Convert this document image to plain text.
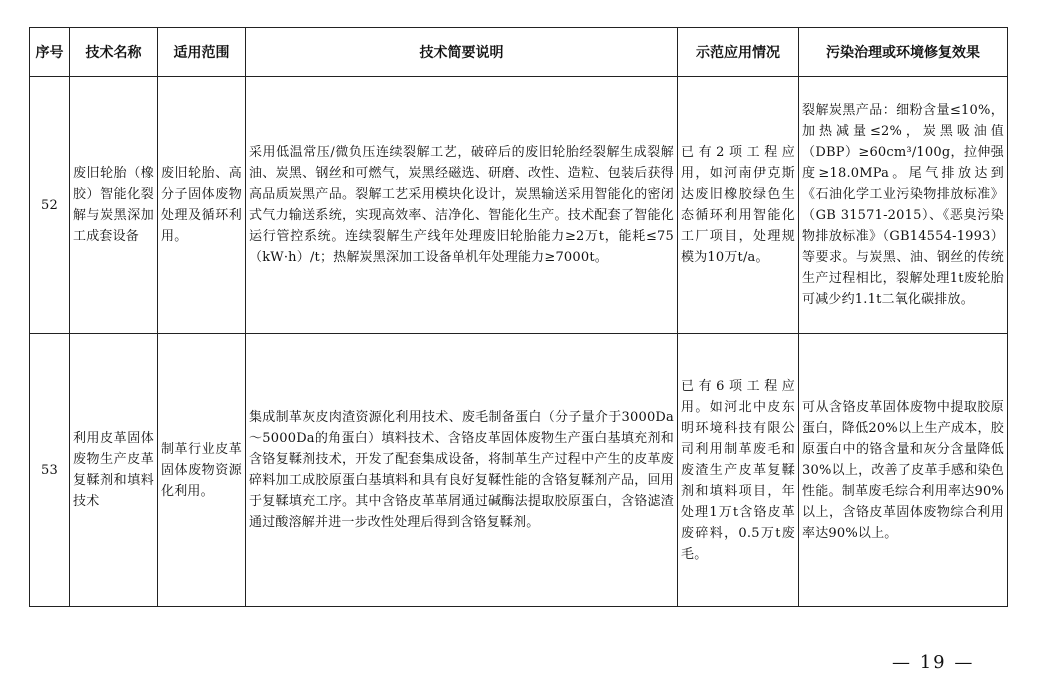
序号	技术名称	适用范围	技术简要说明	示范应用情况	污染治理或环境修复效果
52	废旧轮胎（橡胶）智能化裂解与炭黑深加工成套设备	废旧轮胎、高分子固体废物处理及循环利用。	采用低温常压/微负压连续裂解工艺，破碎后的废旧轮胎经裂解生成裂解油、炭黑、钢丝和可燃气，炭黑经磁选、研磨、改性、造粒、包装后获得高品质炭黑产品。裂解工艺采用模块化设计，炭黑输送采用智能化的密闭式气力输送系统，实现高效率、洁净化、智能化生产。技术配套了智能化运行管控系统。连续裂解生产线年处理废旧轮胎能力≥2万t，能耗≤75（kW·h）/t；热解炭黑深加工设备单机年处理能力≥7000t。	已有2项工程应用，如河南伊克斯达废旧橡胶绿色生态循环利用智能化工厂项目，处理规模为10万t/a。	裂解炭黑产品：细粉含量≤10%，加热减量≤2%，炭黑吸油值（DBP）≥60cm³/100g，拉伸强度≥18.0MPa。尾气排放达到《石油化学工业污染物排放标准》（GB 31571-2015）、《恶臭污染物排放标准》（GB14554-1993）等要求。与炭黑、油、钢丝的传统生产过程相比，裂解处理1t废轮胎可减少约1.1t二氧化碳排放。
53	利用皮革固体废物生产皮革复鞣剂和填料技术	制革行业皮革固体废物资源化利用。	集成制革灰皮肉渣资源化利用技术、废毛制备蛋白（分子量介于3000Da～5000Da的角蛋白）填料技术、含铬皮革固体废物生产蛋白基填充剂和含铬复鞣剂技术，开发了配套集成设备，将制革生产过程中产生的皮革废碎料加工成胶原蛋白基填料和具有良好复鞣性能的含铬复鞣剂产品，回用于复鞣填充工序。其中含铬皮革革屑通过碱酶法提取胶原蛋白，含铬滤渣通过酸溶解并进一步改性处理后得到含铬复鞣剂。	已有6项工程应用。如河北中皮东明环境科技有限公司利用制革废毛和废渣生产皮革复鞣剂和填料项目，年处理1万t含铬皮革废碎料，0.5万t废毛。	可从含铬皮革固体废物中提取胶原蛋白，降低20%以上生产成本，胶原蛋白中的铬含量和灰分含量降低30%以上，改善了皮革手感和染色性能。制革废毛综合利用率达90%以上，含铬皮革固体废物综合利用率达90%以上。
— 19 —
